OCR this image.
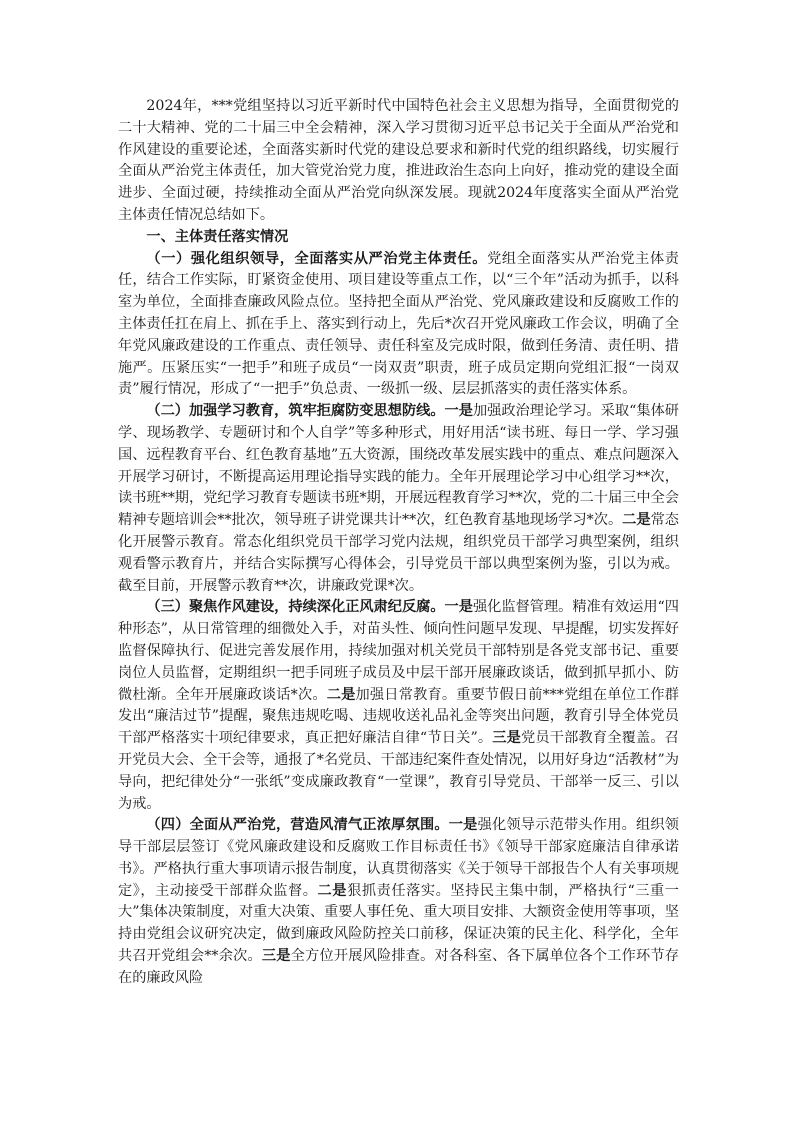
2024年，***党组坚持以习近平新时代中国特色社会主义思想为指导，全面贯彻党的二十大精神、党的二十届三中全会精神，深入学习贯彻习近平总书记关于全面从严治党和作风建设的重要论述，全面落实新时代党的建设总要求和新时代党的组织路线，切实履行全面从严治党主体责任，加大管党治党力度，推进政治生态向上向好，推动党的建设全面进步、全面过硬，持续推动全面从严治党向纵深发展。现就2024年度落实全面从严治党主体责任情况总结如下。

一、主体责任落实情况

（一）强化组织领导，全面落实从严治党主体责任。党组全面落实从严治党主体责任，结合工作实际，盯紧资金使用、项目建设等重点工作，以“三个年”活动为抓手，以科室为单位，全面排查廉政风险点位。坚持把全面从严治党、党风廉政建设和反腐败工作的主体责任扛在肩上、抓在手上、落实到行动上，先后*次召开党风廉政工作会议，明确了全年党风廉政建设的工作重点、责任领导、责任科室及完成时限，做到任务清、责任明、措施严。压紧压实“一把手”和班子成员“一岗双责”职责，班子成员定期向党组汇报“一岗双责”履行情况，形成了“一把手”负总责、一级抓一级、层层抓落实的责任落实体系。

（二）加强学习教育，筑牢拒腐防变思想防线。一是加强政治理论学习。采取“集体研学、现场教学、专题研讨和个人自学”等多种形式，用好用活“读书班、每日一学、学习强国、远程教育平台、红色教育基地”五大资源，围绕改革发展实践中的重点、难点问题深入开展学习研讨，不断提高运用理论指导实践的能力。全年开展理论学习中心组学习**次，读书班**期，党纪学习教育专题读书班*期，开展远程教育学习**次，党的二十届三中全会精神专题培训会**批次，领导班子讲党课共计**次，红色教育基地现场学习*次。二是常态化开展警示教育。常态化组织党员干部学习党内法规，组织党员干部学习典型案例，组织观看警示教育片，并结合实际撰写心得体会，引导党员干部以典型案例为鉴，引以为戒。截至目前，开展警示教育**次，讲廉政党课*次。

（三）聚焦作风建设，持续深化正风肃纪反腐。一是强化监督管理。精准有效运用“四种形态”，从日常管理的细微处入手，对苗头性、倾向性问题早发现、早提醒，切实发挥好监督保障执行、促进完善发展作用，持续加强对机关党员干部特别是各党支部书记、重要岗位人员监督，定期组织一把手同班子成员及中层干部开展廉政谈话，做到抓早抓小、防微杜渐。全年开展廉政谈话*次。二是加强日常教育。重要节假日前***党组在单位工作群发出“廉洁过节”提醒，聚焦违规吃喝、违规收送礼品礼金等突出问题，教育引导全体党员干部严格落实十项纪律要求，真正把好廉洁自律“节日关”。三是党员干部教育全覆盖。召开党员大会、全干会等，通报了*名党员、干部违纪案件查处情况，以用好身边“活教材”为导向，把纪律处分“一张纸”变成廉政教育“一堂课”，教育引导党员、干部举一反三、引以为戒。

（四）全面从严治党，营造风清气正浓厚氛围。一是强化领导示范带头作用。组织领导干部层层签订《党风廉政建设和反腐败工作目标责任书》《领导干部家庭廉洁自律承诺书》。严格执行重大事项请示报告制度，认真贯彻落实《关于领导干部报告个人有关事项规定》，主动接受干部群众监督。二是狠抓责任落实。坚持民主集中制，严格执行“三重一大”集体决策制度，对重大决策、重要人事任免、重大项目安排、大额资金使用等事项，坚持由党组会议研究决定，做到廉政风险防控关口前移，保证决策的民主化、科学化，全年共召开党组会**余次。三是全方位开展风险排查。对各科室、各下属单位各个工作环节存在的廉政风险
